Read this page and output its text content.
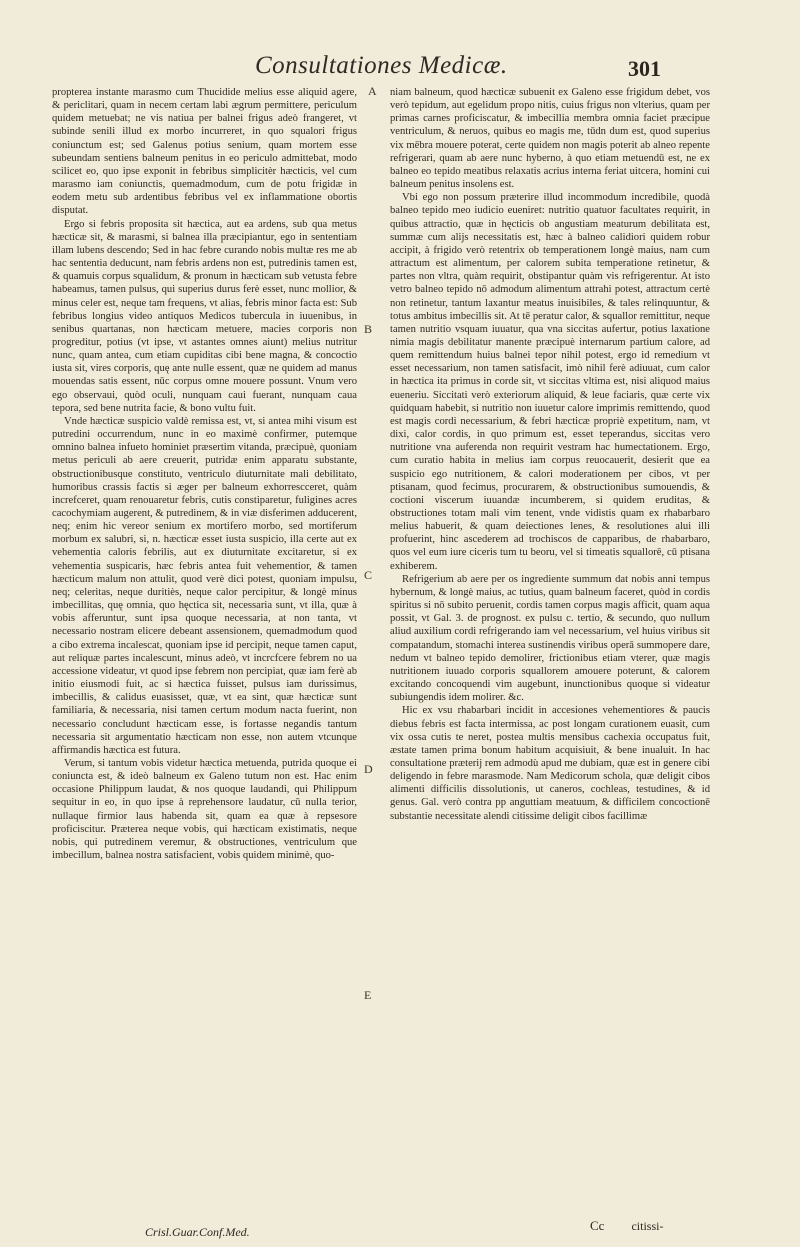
Consultationes Medicæ.	301

propterea instante marasmo cum Thucidide melius esse aliquid agere, & periclitari, quam in necem certam labi ægrum permittere, periculum quidem metuebat; ne vis natiua per balnei frigus adeò frangeret, vt subinde senili illud ex morbo incurreret, in quo squalori frigus coniunctum est; sed Galenus potius senium, quam mortem esse subeundam sentiens balneum penitus in eo periculo admittebat, modo scilicet eo, quo ipse exponit in febribus simplicitèr hæcticis, vel cum marasmo iam coniunctis, quemadmodum, cum de potu frigidæ in eodem metu sub ardentibus febribus vel ex inflammatione obortis disputat.

Ergo si febris proposita sit hæctica, aut ea ardens, sub qua metus hæcticæ sit, & marasmi, si balnea illa præcipiantur, ego in sententiam illam lubens descendo; Sed in hac febre curando nobis multæ res me ab hac sententia deducunt, nam febris ardens non est, putredinis tamen est, & quamuis corpus squalidum, & pronum in hæcticam sub vetusta febre habeamus, tamen pulsus, qui superius durus ferè esset, nunc mollior, & minus celer est, neque tam frequens, vt alias, febris minor facta est: Sub febribus longius video antiquos Medicos tubercula in iuuenibus, in senibus quartanas, non hæcticam metuere, macies corporis non progreditur, potius (vt ipse, vt astantes omnes aiunt) melius nutritur nunc, quam antea, cum etiam cupiditas cibi bene magna, & concoctio iusta sit, vires corporis, quę ante nulle essent, quæ ne quidem ad manus mouendas satis essent, nūc corpus omne mouere possunt. Vnum vero ego observaui, quòd oculi, nunquam caui fuerant, nunquam caua tepora, sed bene nutrita facie, & bono vultu fuit.

Vnde hæcticæ suspicio valdè remissa est, vt, si antea mihi visum est putredini occurrendum, nunc in eo maximè confirmer, putemque omnino balnea infueto hominiet præsertim vitanda, præcipuè, quoniam metus periculi ab aere creuerit, putridæ enim apparatu substante, obstructionibusque constituto, ventriculo diuturnitate mali debilitato, humoribus crassis factis si æger per balneum exhorrescceret, quàm increfceret, quam renouaretur febris, cutis constiparetur, fuligines acres cacochymiam augerent, & putredinem, & in viæ disferimen adducerent, neq; enim hic vereor senium ex mortifero morbo, sed mortiferum morbum ex salubri, si, n. hæcticæ esset iusta suspicio, illa certe aut ex vehementia caloris febrilis, aut ex diuturnitate excitaretur, si ex vehementia suspicaris, hæc febris antea fuit vehementior, & tamen hæcticum malum non attulit, quod verè dici potest, quoniam impulsu, neq; celeritas, neque duritiès, neque calor percipitur, & longè minus imbecillitas, quę omnia, quo hęctica sit, necessaria sunt, vt illa, quæ à vobis afferuntur, sunt ipsa quoque necessaria, at non tanta, vt necessario nostram elicere debeant assensionem, quemadmodum quod a cibo extrema incalescat, quoniam ipse id percipit, neque tamen caput, aut reliquæ partes incalescunt, minus adeò, vt incrcfcere febrem no ua accessione videatur, vt quod ipse febrem non percipiat, quæ iam ferè ab initio eiusmodi fuit, ac si hæctica fuisset, pulsus iam durissimus, imbecillis, & calidus euasisset, quæ, vt ea sint, quæ hæcticæ sunt familiaria, & necessaria, nisi tamen certum modum nacta fuerint, non necessario concludunt hæcticam esse, is fortasse negandis tantum necessaria sit argumentatio hæcticam non esse, non autem vtcunque affirmandis hæctica est futura.

Verum, si tantum vobis videtur hæctica metuenda, putrida quoque ei coniuncta est, & ideò balneum ex Galeno tutum non est. Hac enim occasione Philippum laudat, & nos quoque laudandi, qui Philippum sequitur in eo, in quo ipse à reprehensore laudatur, cū nulla terior, nullaque firmior laus habenda sit, quam ea quæ à repsesore proficiscitur. Præterea neque vobis, qui hæcticam existimatis, neque nobis, qui putredinem veremur, & obstructiones, ventriculum que imbecillum, balnea nostra satisfacient, vobis quidem minimè, quo-

A
B
C
D
E

niam balneum, quod hæcticæ subuenit ex Galeno esse frigidum debet, vos verò tepidum, aut egelidum propo nitis, cuius frigus non vlterius, quam per primas carnes proficiscatur, & imbecillia membra omnia faciet præcipue ventriculum, & neruos, quibus eo magis me, tūdn dum est, quod superius vix mēbra mouere poterat, certe quidem non magis poterit ab alneo repente refrigerari, quam ab aere nunc hyberno, à quo etiam metuendū est, ne ex balneo eo tepido meatibus relaxatis acrius interna feriat uitcera, homini cui balneum penitus insolens est.

Vbi ego non possum præterire illud incommodum incredibile, quodà balneo tepido meo iudicio eueniret: nutritio quatuor facultates requirit, in quibus attractio, quæ in hęcticis ob angustiam meaturum debilitata est, summæ cum alijs necessitatis est, hæc à balneo calidiori quidem robur accipit, à frigido verò retentrix ob temperationem longè maius, nam cum attractum est alimentum, per calorem subita temperatione retinetur, & partes non vltra, quàm requirit, obstipantur quàm vis refrigerentur. At isto vetro balneo tepido nō admodum alimentum attrahi potest, attractum certè non retinetur, tantum laxantur meatus inuisibiles, & tales relinquuntur, & totus ambitus imbecillis sit. At tē peratur calor, & squallor remittitur, neque tamen nutritio vsquam iuuatur, qua vna siccitas aufertur, potius laxatione nimia magis debilitatur manente præcipuè internarum partium calore, ad quem remittendum huius balnei tepor nihil potest, ergo id remedium vt esset necessarium, non tamen satisfacit, imò nihil ferè adiuuat, cum calor in hæctica ita primus in corde sit, vt siccitas vltima est, nisi aliquod maius eueneriu. Siccitati verò exteriorum aliquid, & leue faciaris, quæ certe vix quidquam habebit, si nutritio non iuuetur calore imprimis remittendo, quod est magis cordi necessarium, & febri hæcticæ propriè expetitum, nam, vt dixi, calor cordis, in quo primum est, esset teperandus, siccitas vero nutritione vna auferenda non requirit vestram hac humectationem. Ergo, cum curatio habita in melius iam corpus reuocauerit, desierit que ea suspicio ego nutritionem, & calori moderationem per cibos, vt per ptisanam, quod fecimus, procurarem, & obstructionibus sumouendis, & coctioni viscerum iuuandæ incumberem, si quidem eruditas, & obstructiones totam mali vim tenent, vnde vidistis quam ex rhabarbaro melius habuerit, & quam deiectiones lenes, & resolutiones alui illi profuerint, hinc ascederem ad trochiscos de capparibus, de rhabarbaro, quos vel eum iure ciceris tum tu beoru, vel si timeatis squallorē, cū ptisana exhiberem.

Refrigerium ab aere per os ingrediente summum dat nobis anni tempus hybernum, & longè maius, ac tutius, quam balneum faceret, quòd in cordis spiritus si nō subito peruenit, cordis tamen corpus magis afficit, quam aqua possit, vt Gal. 3. de prognost. ex pulsu c. tertio, & secundo, quo nullum aliud auxilium cordi refrigerando iam vel necessarium, vel huius viribus sit compatandum, stomachi interea sustinendis viribus operā summopere dare, nedum vt balneo tepido demolirer, frictionibus etiam vterer, quæ magis nutritionem iuuado corporis squallorem amouere poterunt, & calorem excitando concoquendi vim augebunt, inunctionibus quoque si videatur subiungendis idem molirer. &c.

Hic ex vsu rhabarbari incidit in accesiones vehementiores & paucis diebus febris est facta intermissa, ac post longam curationem euasit, cum vix ossa cutis te neret, postea multis mensibus cachexia occupatus fuit, æstate tamen prima bonum habitum acquisiuit, & bene inualuit. In hac consultatione præterij rem admodù apud me dubiam, quæ est in genere cibi deligendo in febre marasmode. Nam Medicorum schola, quæ deligit cibos alimenti difficilis dissolutionis, ut caneros, cochleas, testudines, & id genus. Gal. verò contra pp anguttiam meatuum, & difficilem concoctionē substantie necessitate alendi citissime deligit cibos facillimæ

Crisl.Guar.Conf.Med.	Cc citissi-
